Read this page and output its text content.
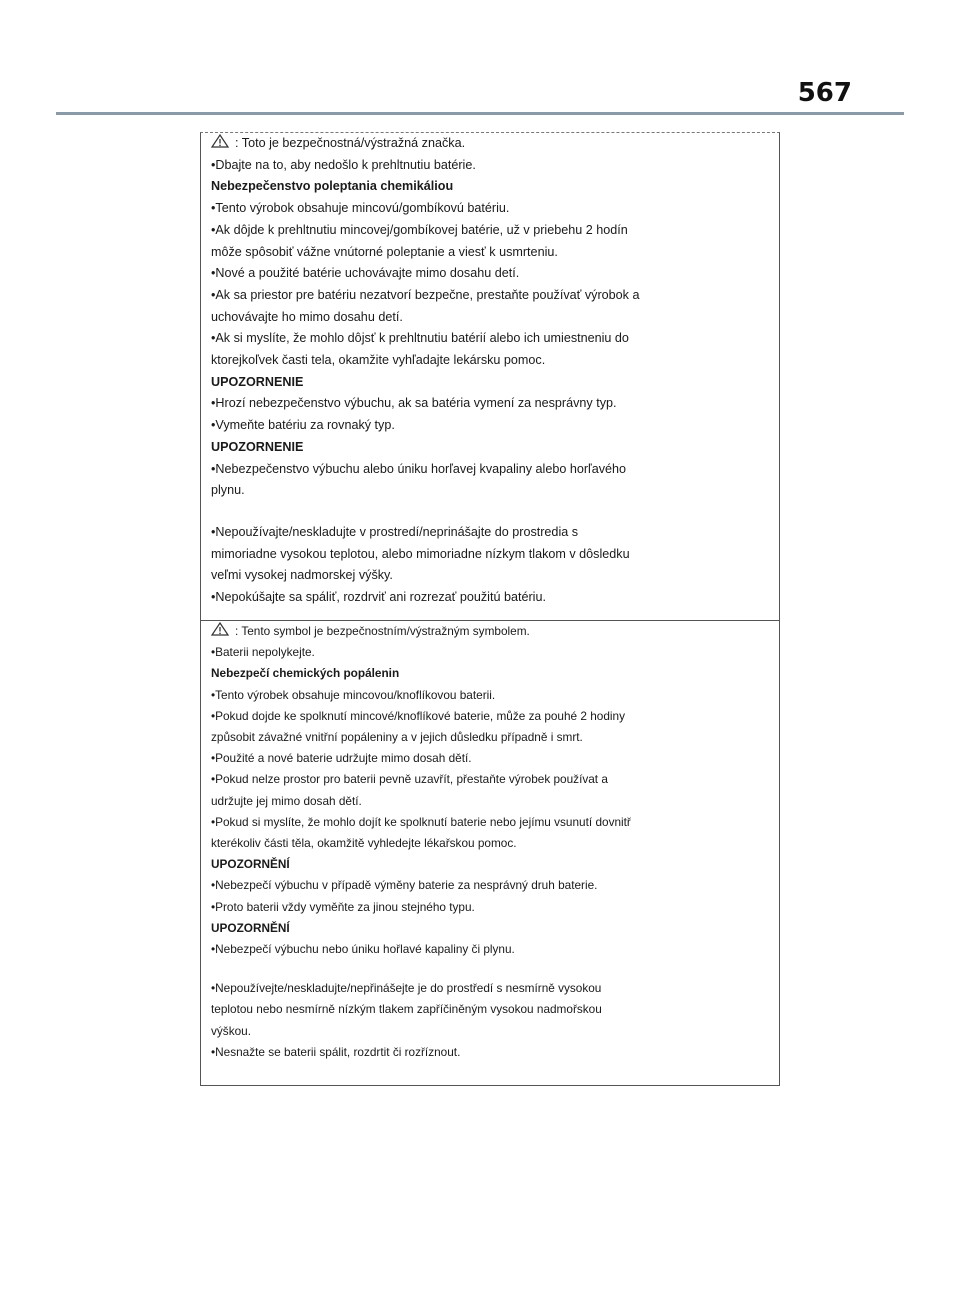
567
: Toto je bezpečnostná/výstražná značka.
•Dbajte na to, aby nedošlo k prehltnutiu batérie.
Nebezpečenstvo poleptania chemikáliou
•Tento výrobok obsahuje mincovú/gombíkovú batériu.
•Ak dôjde k prehltnutiu mincovej/gombíkovej batérie, už v priebehu 2 hodín
môže spôsobiť vážne vnútorné poleptanie a viesť k usmrteniu.
•Nové a použité batérie uchovávajte mimo dosahu detí.
•Ak sa priestor pre batériu nezatvorí bezpečne, prestaňte používať výrobok a
uchovávajte ho mimo dosahu detí.
•Ak si myslíte, že mohlo dôjsť k prehltnutiu batérií alebo ich umiestneniu do
ktorejkoľvek časti tela, okamžite vyhľadajte lekársku pomoc.
UPOZORNENIE
•Hrozí nebezpečenstvo výbuchu, ak sa batéria vymení za nesprávny typ.
•Vymeňte batériu za rovnaký typ.
UPOZORNENIE
•Nebezpečenstvo výbuchu alebo úniku horľavej kvapaliny alebo horľavého
plynu.
•Nepoužívajte/neskladujte v prostredí/neprinášajte do prostredia s
mimoriadne vysokou teplotou, alebo mimoriadne nízkym tlakom v dôsledku
veľmi vysokej nadmorskej výšky.
•Nepokúšajte sa spáliť, rozdrviť ani rozrezať použitú batériu.
: Tento symbol je bezpečnostním/výstražným symbolem.
•Baterii nepolykejte.
Nebezpečí chemických popálenin
•Tento výrobek obsahuje mincovou/knoflíkovou baterii.
•Pokud dojde ke spolknutí mincové/knoflíkové baterie, může za pouhé 2 hodiny
způsobit závažné vnitřní popáleniny a v jejich důsledku případně i smrt.
•Použité a nové baterie udržujte mimo dosah dětí.
•Pokud nelze prostor pro baterii pevně uzavřít, přestaňte výrobek používat a
udržujte jej mimo dosah dětí.
•Pokud si myslíte, že mohlo dojít ke spolknutí baterie nebo jejímu vsunutí dovnitř
kterékoliv části těla, okamžitě vyhledejte lékařskou pomoc.
UPOZORNĚNÍ
•Nebezpečí výbuchu v případě výměny baterie za nesprávný druh baterie.
•Proto baterii vždy vyměňte za jinou stejného typu.
UPOZORNĚNÍ
•Nebezpečí výbuchu nebo úniku hořlavé kapaliny či plynu.
•Nepoužívejte/neskladujte/nepřinášejte je do prostředí s nesmírně vysokou
teplotou nebo nesmírně nízkým tlakem zapříčiněným vysokou nadmořskou
výškou.
•Nesnažte se baterii spálit, rozdrtit či rozříznout.
